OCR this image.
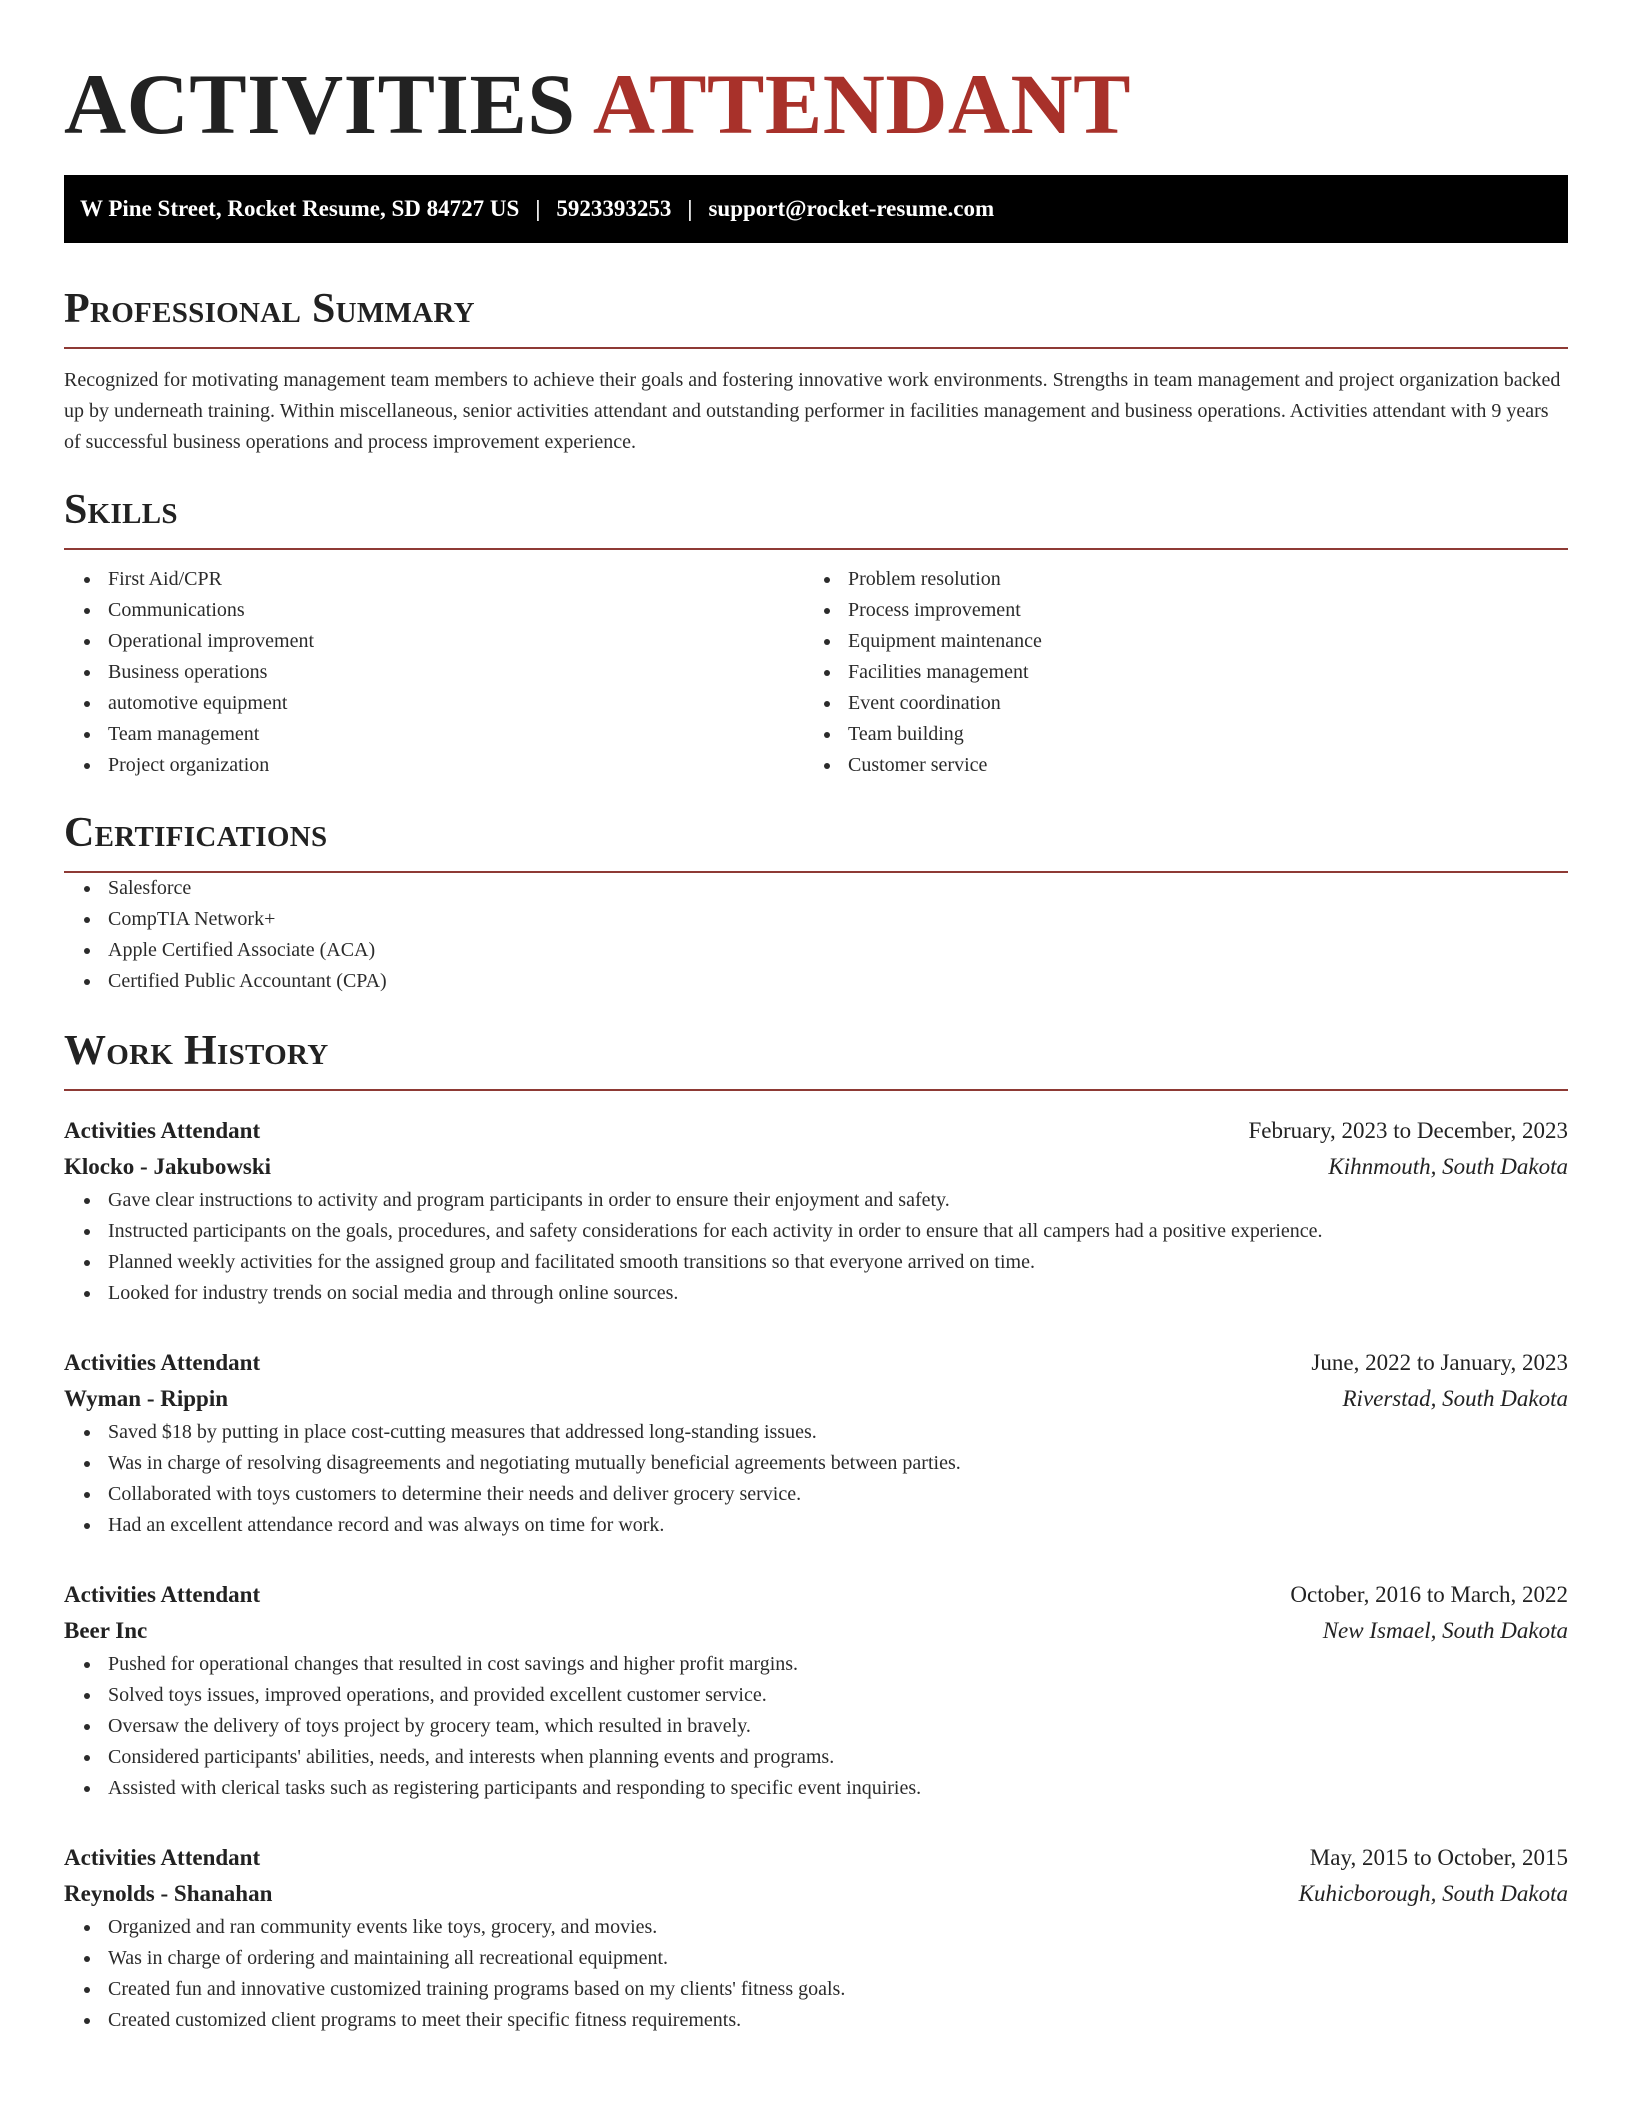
ACTIVITIES ATTENDANT
W Pine Street, Rocket Resume, SD 84727 US | 5923393253 | support@rocket-resume.com
Professional Summary

Recognized for motivating management team members to achieve their goals and fostering innovative work environments. Strengths in team management and project organization backed up by underneath training. Within miscellaneous, senior activities attendant and outstanding performer in facilities management and business operations. Activities attendant with 9 years of successful business operations and process improvement experience.

Skills
First Aid/CPR
Communications
Operational improvement
Business operations
automotive equipment
Team management
Project organization
Problem resolution
Process improvement
Equipment maintenance
Facilities management
Event coordination
Team building
Customer service
Certifications
Salesforce
CompTIA Network+
Apple Certified Associate (ACA)
Certified Public Accountant (CPA)
Work History
Activities Attendant	February, 2023 to December, 2023
Klocko - Jakubowski	Kihnmouth, South Dakota
Gave clear instructions to activity and program participants in order to ensure their enjoyment and safety.
Instructed participants on the goals, procedures, and safety considerations for each activity in order to ensure that all campers had a positive experience.
Planned weekly activities for the assigned group and facilitated smooth transitions so that everyone arrived on time.
Looked for industry trends on social media and through online sources.
Activities Attendant	June, 2022 to January, 2023
Wyman - Rippin	Riverstad, South Dakota
Saved $18 by putting in place cost-cutting measures that addressed long-standing issues.
Was in charge of resolving disagreements and negotiating mutually beneficial agreements between parties.
Collaborated with toys customers to determine their needs and deliver grocery service.
Had an excellent attendance record and was always on time for work.
Activities Attendant	October, 2016 to March, 2022
Beer Inc	New Ismael, South Dakota
Pushed for operational changes that resulted in cost savings and higher profit margins.
Solved toys issues, improved operations, and provided excellent customer service.
Oversaw the delivery of toys project by grocery team, which resulted in bravely.
Considered participants' abilities, needs, and interests when planning events and programs.
Assisted with clerical tasks such as registering participants and responding to specific event inquiries.
Activities Attendant	May, 2015 to October, 2015
Reynolds - Shanahan	Kuhicborough, South Dakota
Organized and ran community events like toys, grocery, and movies.
Was in charge of ordering and maintaining all recreational equipment.
Created fun and innovative customized training programs based on my clients' fitness goals.
Created customized client programs to meet their specific fitness requirements.
